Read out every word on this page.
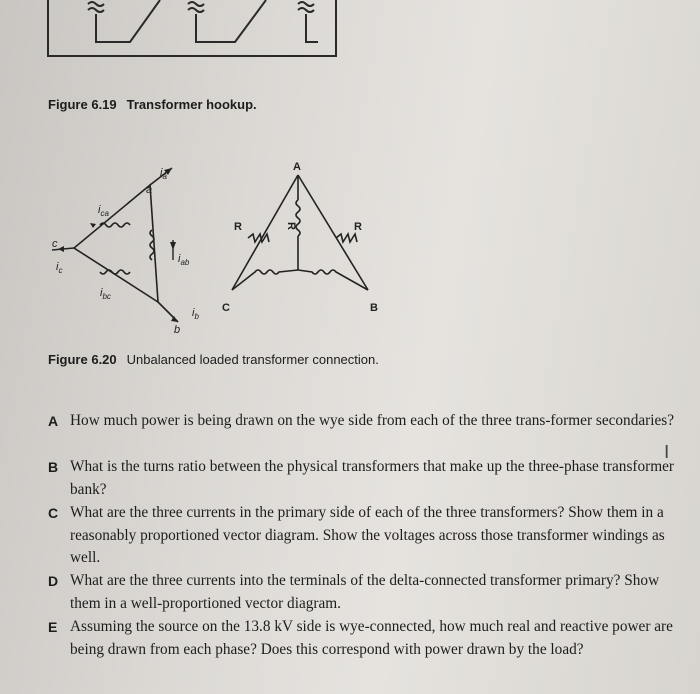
Figure 6.19 Transformer hookup.
$i_a$
a
$i_{ca}$
$i_{ab}$
c
$i_c$
$i_{bc}$
$i_b$
b
A
R	R
R
C	B
Figure 6.20 Unbalanced loaded transformer connection.
A How much power is being drawn on the wye side from each of the three trans-former secondaries?
B What is the turns ratio between the physical transformers that make up the three-phase transformer bank?
C What are the three currents in the primary side of each of the three transformers? Show them in a reasonably proportioned vector diagram. Show the voltages across those transformer windings as well.
D What are the three currents into the terminals of the delta-connected transformer primary? Show them in a well-proportioned vector diagram.
E Assuming the source on the 13.8 kV side is wye-connected, how much real and reactive power are being drawn from each phase? Does this correspond with power drawn by the load?
I
